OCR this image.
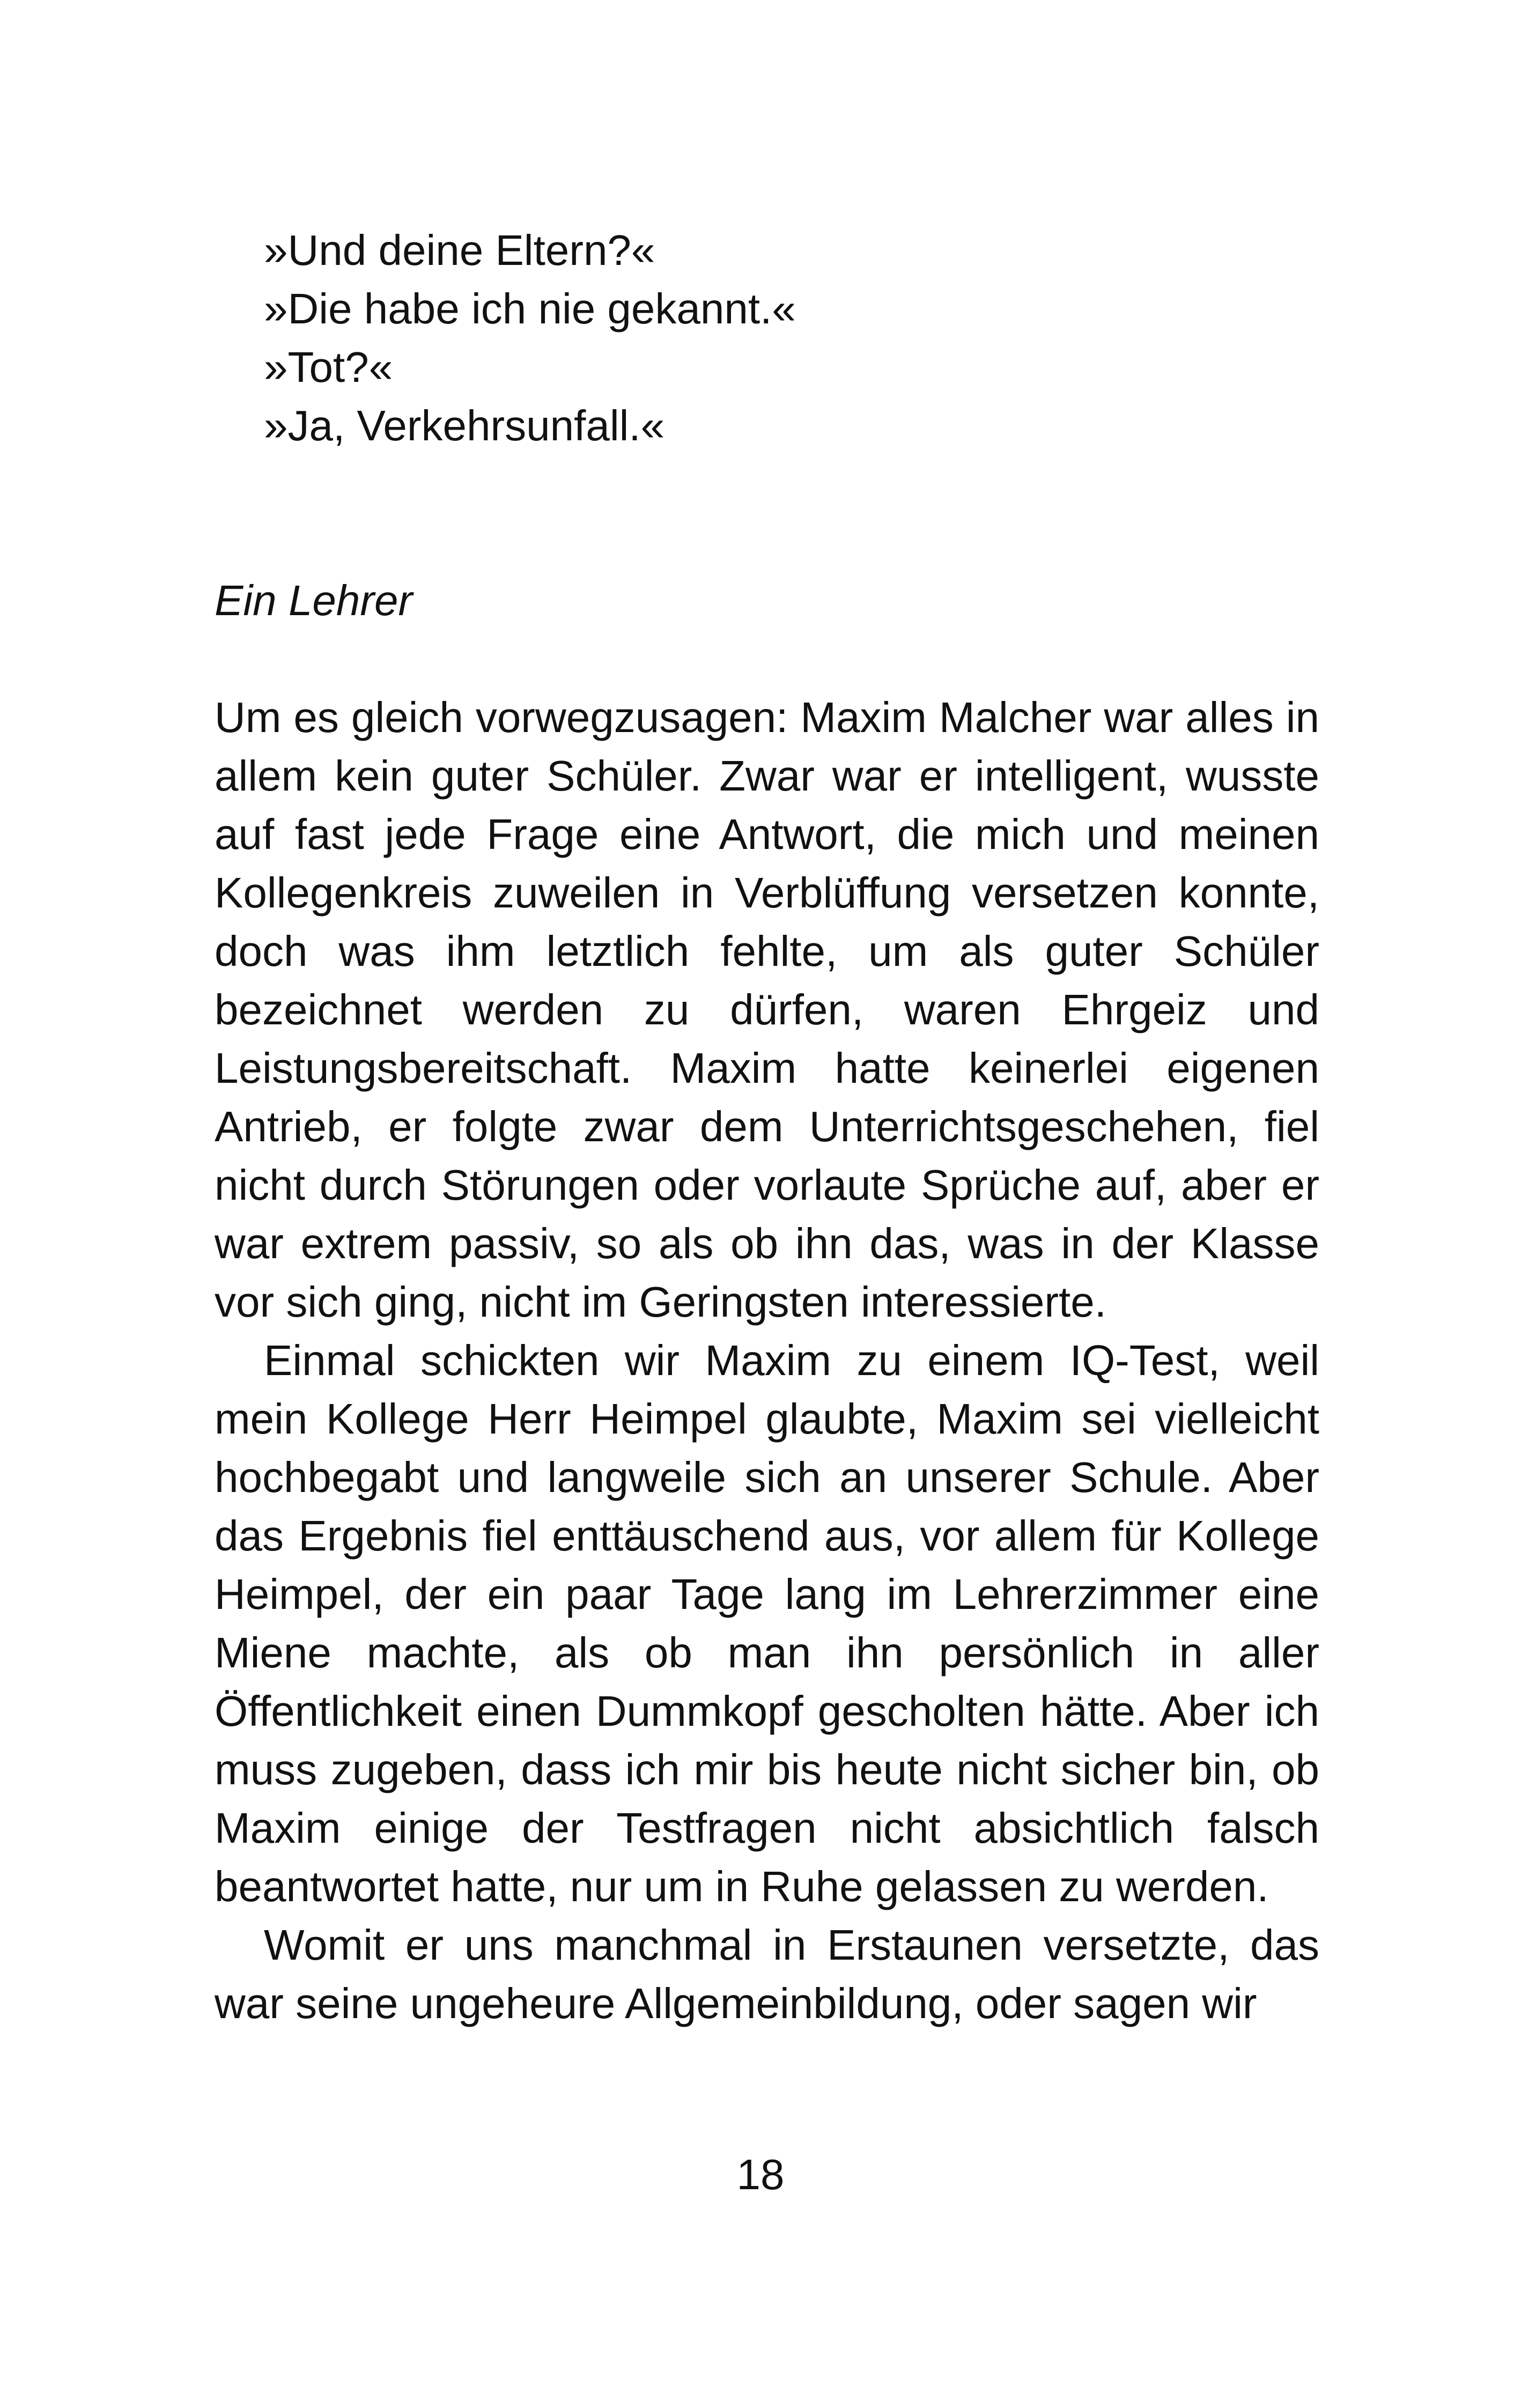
»Und deine Eltern?«
»Die habe ich nie gekannt.«
»Tot?«
»Ja, Verkehrsunfall.«
Ein Lehrer

Um es gleich vorwegzusagen: Maxim Malcher war alles in allem kein guter Schüler. Zwar war er intelligent, wusste auf fast jede Frage eine Antwort, die mich und meinen Kollegenkreis zuweilen in Verblüffung versetzen konnte, doch was ihm letztlich fehlte, um als guter Schüler bezeichnet werden zu dürfen, waren Ehrgeiz und Leistungsbereitschaft. Maxim hatte keinerlei eigenen Antrieb, er folgte zwar dem Unterrichtsgeschehen, fiel nicht durch Störungen oder vorlaute Sprüche auf, aber er war extrem passiv, so als ob ihn das, was in der Klasse vor sich ging, nicht im Geringsten interessierte.

Einmal schickten wir Maxim zu einem IQ-Test, weil mein Kollege Herr Heimpel glaubte, Maxim sei vielleicht hochbegabt und langweile sich an unserer Schule. Aber das Ergebnis fiel enttäuschend aus, vor allem für Kollege Heimpel, der ein paar Tage lang im Lehrerzimmer eine Miene machte, als ob man ihn persönlich in aller Öffentlichkeit einen Dummkopf gescholten hätte. Aber ich muss zugeben, dass ich mir bis heute nicht sicher bin, ob Maxim einige der Testfragen nicht absichtlich falsch beantwortet hatte, nur um in Ruhe gelassen zu werden.

Womit er uns manchmal in Erstaunen versetzte, das war seine ungeheure Allgemeinbildung, oder sagen wir

18
